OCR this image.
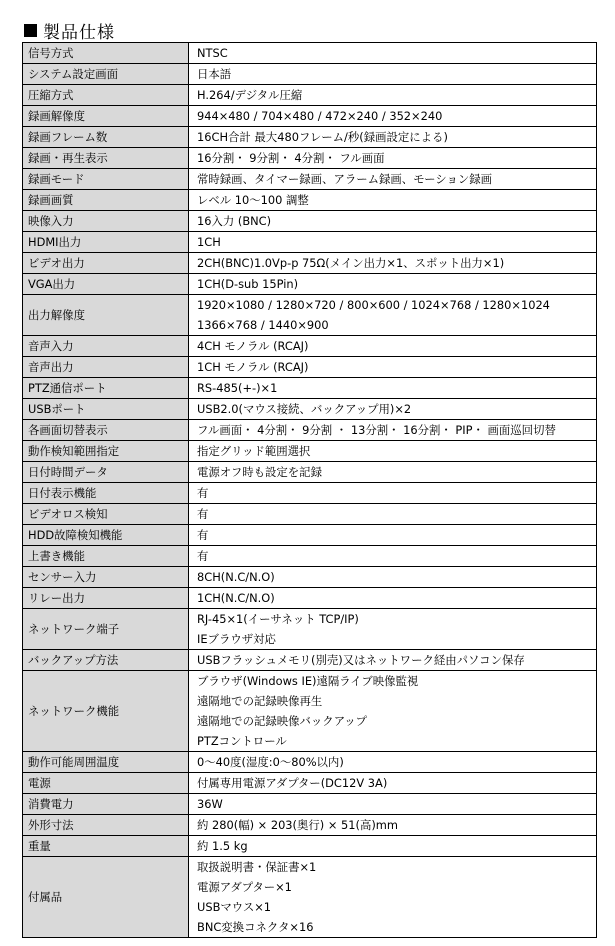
製品仕様
信号方式	NTSC

システム設定画面	日本語

圧縮方式	H.264/デジタル圧縮

録画解像度	944×480 / 704×480 / 472×240 / 352×240

録画フレーム数	16CH合計 最大480フレーム/秒(録画設定による)

録画・再生表示	16分割・ 9分割・ 4分割・ フル画面

録画モード	常時録画、タイマー録画、アラーム録画、モーション録画

録画画質	レベル 10〜100 調整

映像入力	16入力 (BNC)

HDMI出力	1CH

ビデオ出力	2CH(BNC)1.0Vp-p 75Ω(メイン出力×1、スポット出力×1)

VGA出力	1CH(D-sub 15Pin)

出力解像度	1920×1080 / 1280×720 / 800×600 / 1024×768 / 1280×1024
1366×768 / 1440×900

音声入力	4CH モノラル (RCAJ)

音声出力	1CH モノラル (RCAJ)

PTZ通信ポート	RS-485(+-)×1

USBポート	USB2.0(マウス接続、バックアップ用)×2

各画面切替表示	フル画面・ 4分割・ 9分割 ・ 13分割・ 16分割・ PIP・ 画面巡回切替

動作検知範囲指定	指定グリッド範囲選択

日付時間データ	電源オフ時も設定を記録

日付表示機能	有

ビデオロス検知	有

HDD故障検知機能	有

上書き機能	有

センサー入力	8CH(N.C/N.O)

リレー出力	1CH(N.C/N.O)

ネットワーク端子	RJ-45×1(イーサネット TCP/IP)
IEブラウザ対応

バックアップ方法	USBフラッシュメモリ(別売)又はネットワーク経由パソコン保存

ネットワーク機能	ブラウザ(Windows IE)遠隔ライブ映像監視
遠隔地での記録映像再生
遠隔地での記録映像バックアップ
PTZコントロール

動作可能周囲温度	0〜40度(湿度:0〜80%以内)

電源	付属専用電源アダプター(DC12V 3A)

消費電力	36W

外形寸法	約 280(幅) × 203(奥行) × 51(高)mm

重量	約 1.5 kg

付属品	取扱説明書・保証書×1
電源アダプター×1
USBマウス×1
BNC変換コネクタ×16
